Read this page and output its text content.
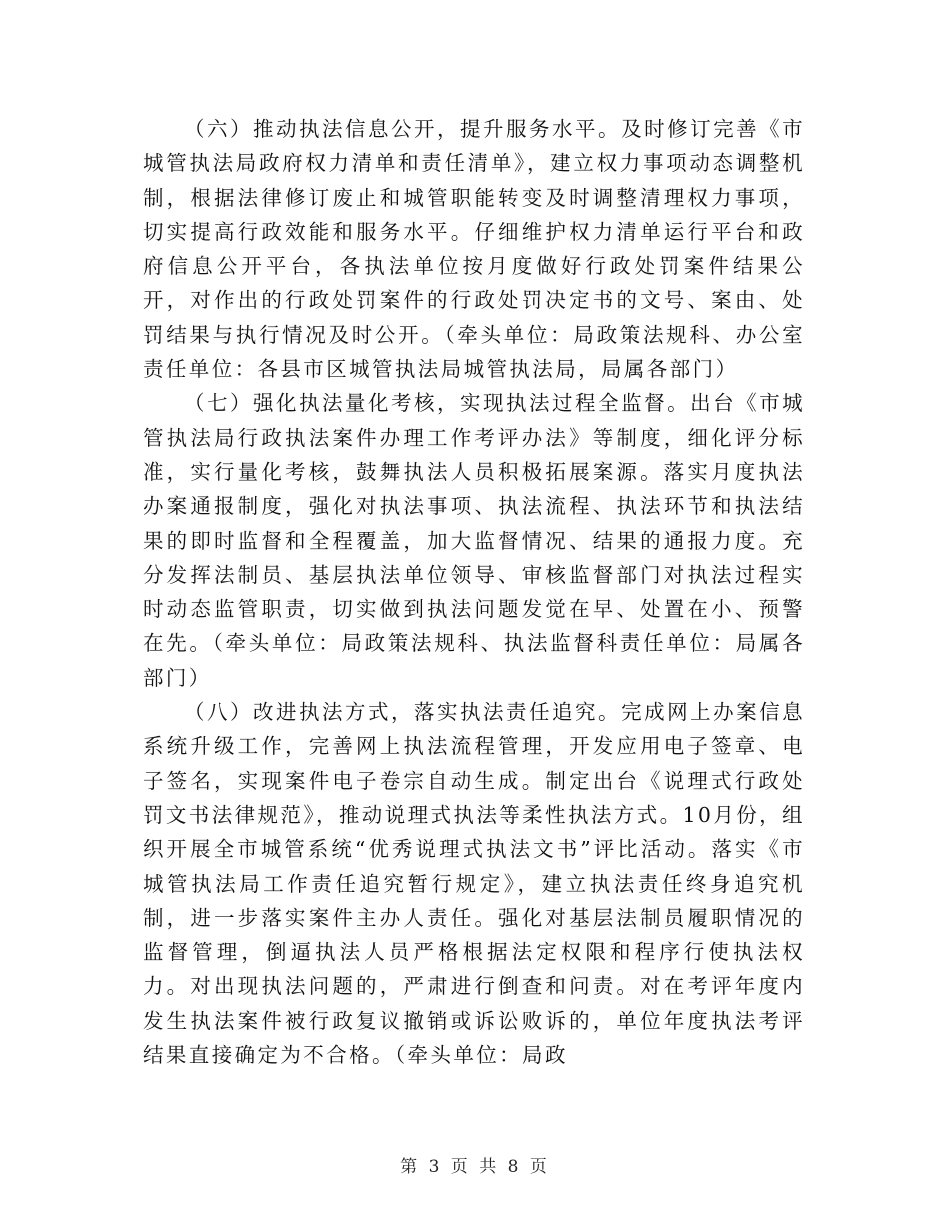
（六）推动执法信息公开，提升服务水平。及时修订完善《市城管执法局政府权力清单和责任清单》，建立权力事项动态调整机制，根据法律修订废止和城管职能转变及时调整清理权力事项，切实提高行政效能和服务水平。仔细维护权力清单运行平台和政府信息公开平台，各执法单位按月度做好行政处罚案件结果公开，对作出的行政处罚案件的行政处罚决定书的文号、案由、处罚结果与执行情况及时公开。（牵头单位：局政策法规科、办公室责任单位：各县市区城管执法局城管执法局，局属各部门）

（七）强化执法量化考核，实现执法过程全监督。出台《市城管执法局行政执法案件办理工作考评办法》等制度，细化评分标准，实行量化考核，鼓舞执法人员积极拓展案源。落实月度执法办案通报制度，强化对执法事项、执法流程、执法环节和执法结果的即时监督和全程覆盖，加大监督情况、结果的通报力度。充分发挥法制员、基层执法单位领导、审核监督部门对执法过程实时动态监管职责，切实做到执法问题发觉在早、处置在小、预警在先。（牵头单位：局政策法规科、执法监督科责任单位：局属各部门）

（八）改进执法方式，落实执法责任追究。完成网上办案信息系统升级工作，完善网上执法流程管理，开发应用电子签章、电子签名，实现案件电子卷宗自动生成。制定出台《说理式行政处罚文书法律规范》，推动说理式执法等柔性执法方式。10月份，组织开展全市城管系统“优秀说理式执法文书”评比活动。落实《市城管执法局工作责任追究暂行规定》，建立执法责任终身追究机制，进一步落实案件主办人责任。强化对基层法制员履职情况的监督管理，倒逼执法人员严格根据法定权限和程序行使执法权力。对出现执法问题的，严肃进行倒查和问责。对在考评年度内发生执法案件被行政复议撤销或诉讼败诉的，单位年度执法考评结果直接确定为不合格。（牵头单位：局政

第 3 页 共 8 页
